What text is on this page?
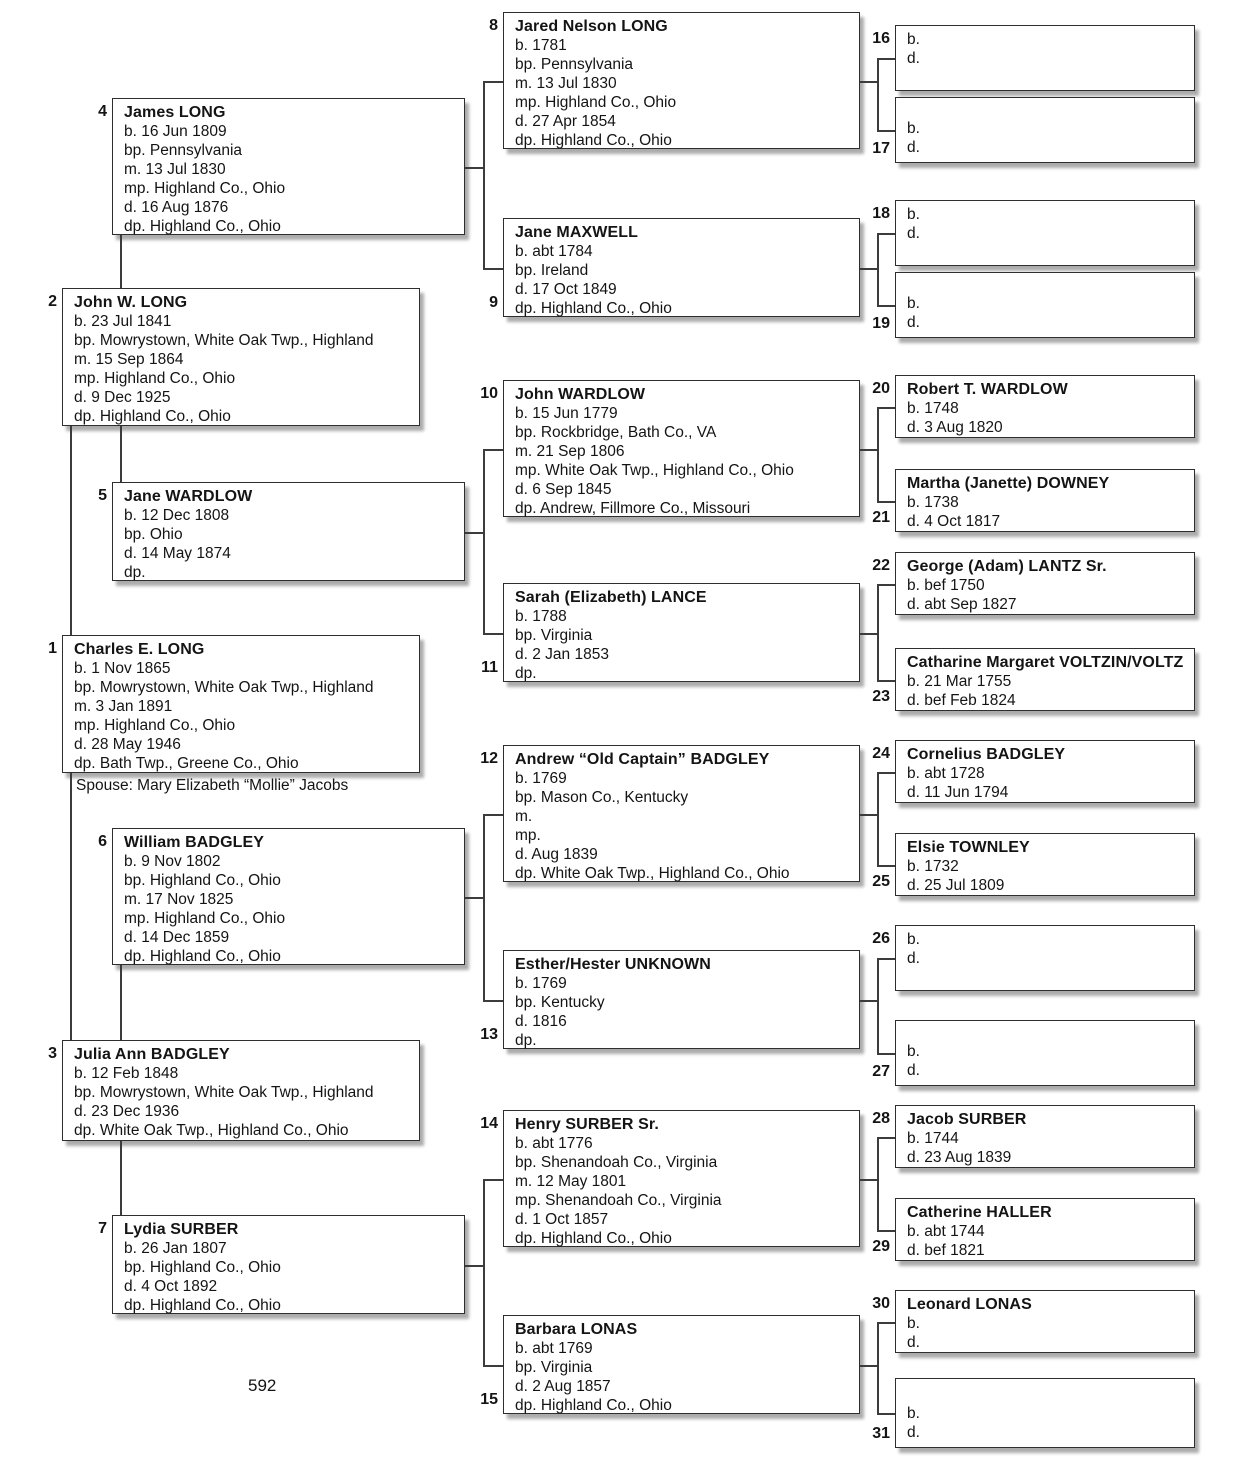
1 Charles E. LONG
b. 1 Nov 1865
bp. Mowrystown, White Oak Twp., Highland
m. 3 Jan 1891
mp. Highland Co., Ohio
d. 28 May 1946
dp. Bath Twp., Greene Co., Ohio
2 John W. LONG
b. 23 Jul 1841
bp. Mowrystown, White Oak Twp., Highland
m. 15 Sep 1864
mp. Highland Co., Ohio
d. 9 Dec 1925
dp. Highland Co., Ohio
3 Julia Ann BADGLEY
b. 12 Feb 1848
bp. Mowrystown, White Oak Twp., Highland
d. 23 Dec 1936
dp. White Oak Twp., Highland Co., Ohio
4 James LONG
b. 16 Jun 1809
bp. Pennsylvania
m. 13 Jul 1830
mp. Highland Co., Ohio
d. 16 Aug 1876
dp. Highland Co., Ohio
5 Jane WARDLOW
b. 12 Dec 1808
bp. Ohio
d. 14 May 1874
dp.
6 William BADGLEY
b. 9 Nov 1802
bp. Highland Co., Ohio
m. 17 Nov 1825
mp. Highland Co., Ohio
d. 14 Dec 1859
dp. Highland Co., Ohio
7 Lydia SURBER
b. 26 Jan 1807
bp. Highland Co., Ohio
d. 4 Oct 1892
dp. Highland Co., Ohio
8 Jared Nelson LONG
b. 1781
bp. Pennsylvania
m. 13 Jul 1830
mp. Highland Co., Ohio
d. 27 Apr 1854
dp. Highland Co., Ohio
9
Jane MAXWELL
b. abt 1784
bp. Ireland
d. 17 Oct 1849
dp. Highland Co., Ohio
10 John WARDLOW
b. 15 Jun 1779
bp. Rockbridge, Bath Co., VA
m. 21 Sep 1806
mp. White Oak Twp., Highland Co., Ohio
d. 6 Sep 1845
dp. Andrew, Fillmore Co., Missouri
11
Sarah (Elizabeth) LANCE
b. 1788
bp. Virginia
d. 2 Jan 1853
dp.
12 Andrew “Old Captain” BADGLEY
b. 1769
bp. Mason Co., Kentucky
m.
mp.
d. Aug 1839
dp. White Oak Twp., Highland Co., Ohio
13
Esther/Hester UNKNOWN
b. 1769
bp. Kentucky
d. 1816
dp.
14 Henry SURBER Sr.
b. abt 1776
bp. Shenandoah Co., Virginia
m. 12 May 1801
mp. Shenandoah Co., Virginia
d. 1 Oct 1857
dp. Highland Co., Ohio
15
Barbara LONAS
b. abt 1769
bp. Virginia
d. 2 Aug 1857
dp. Highland Co., Ohio
16 b.
d.
17
b.
d.
18 b.
d.
19
b.
d.
20 Robert T. WARDLOW
b. 1748
d. 3 Aug 1820
21
Martha (Janette) DOWNEY
b. 1738
d. 4 Oct 1817
22 George (Adam) LANTZ Sr.
b. bef 1750
d. abt Sep 1827
23
Catharine Margaret VOLTZIN/VOLTZ
b. 21 Mar 1755
d. bef Feb 1824
24 Cornelius BADGLEY
b. abt 1728
d. 11 Jun 1794
25
Elsie TOWNLEY
b. 1732
d. 25 Jul 1809
26 b.
d.
27
b.
d.
28 Jacob SURBER
b. 1744
d. 23 Aug 1839
29
Catherine HALLER
b. abt 1744
d. bef 1821
30 Leonard LONAS
b.
d.
31
b.
d.
Spouse: Mary Elizabeth “Mollie” Jacobs
592
